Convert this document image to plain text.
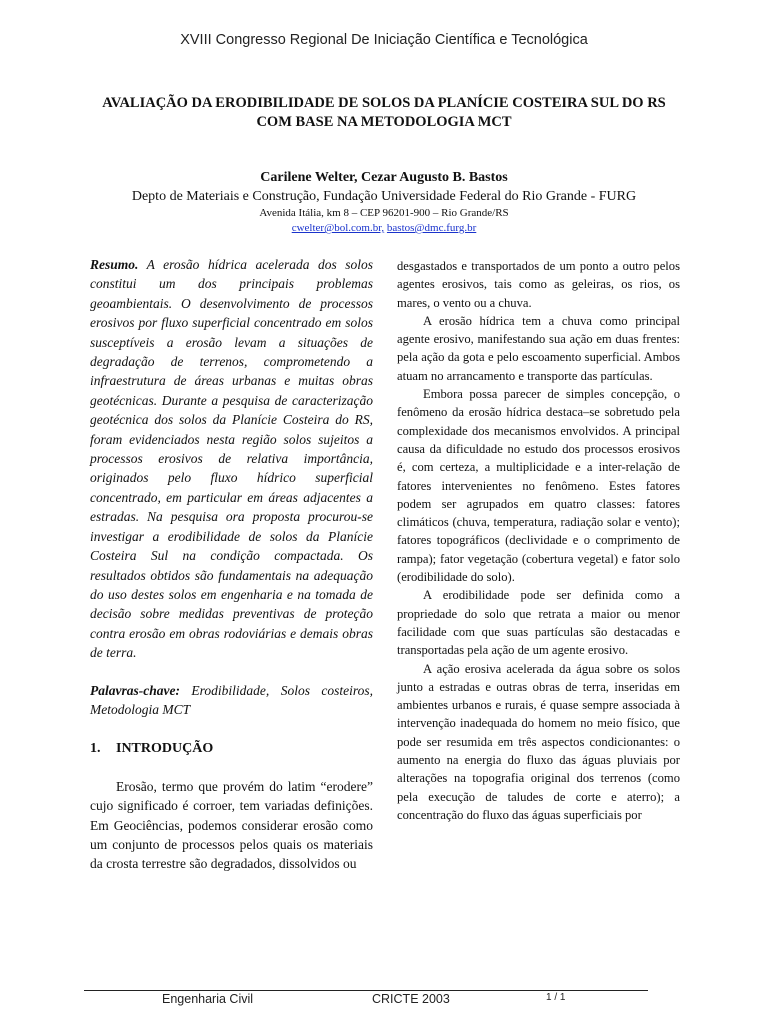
XVIII Congresso Regional De Iniciação Científica e Tecnológica
AVALIAÇÃO DA ERODIBILIDADE DE SOLOS DA PLANÍCIE COSTEIRA SUL DO RS
COM BASE NA METODOLOGIA MCT
Carilene Welter, Cezar Augusto B. Bastos
Depto de Materiais e Construção, Fundação Universidade Federal do Rio Grande - FURG
Avenida Itália, km 8 – CEP 96201-900 – Rio Grande/RS
cwelter@bol.com.br, bastos@dmc.furg.br

Resumo. A erosão hídrica acelerada dos solos constitui um dos principais problemas geoambientais. O desenvolvimento de processos erosivos por fluxo superficial concentrado em solos susceptíveis a erosão levam a situações de degradação de terrenos, comprometendo a infraestrutura de áreas urbanas e muitas obras geotécnicas. Durante a pesquisa de caracterização geotécnica dos solos da Planície Costeira do RS, foram evidenciados nesta região solos sujeitos a processos erosivos de relativa importância, originados pelo fluxo hídrico superficial concentrado, em particular em áreas adjacentes a estradas. Na pesquisa ora proposta procurou-se investigar a erodibilidade de solos da Planície Costeira Sul na condição compactada. Os resultados obtidos são fundamentais na adequação do uso destes solos em engenharia e na tomada de decisão sobre medidas preventivas de proteção contra erosão em obras rodoviárias e demais obras de terra.

Palavras-chave: Erodibilidade, Solos costeiros, Metodologia MCT

1. INTRODUÇÃO

Erosão, termo que provém do latim “erodere” cujo significado é corroer, tem variadas definições. Em Geociências, podemos considerar erosão como um conjunto de processos pelos quais os materiais da crosta terrestre são degradados, dissolvidos ou

desgastados e transportados de um ponto a outro pelos agentes erosivos, tais como as geleiras, os rios, os mares, o vento ou a chuva.

A erosão hídrica tem a chuva como principal agente erosivo, manifestando sua ação em duas frentes: pela ação da gota e pelo escoamento superficial. Ambos atuam no arrancamento e transporte das partículas.

Embora possa parecer de simples concepção, o fenômeno da erosão hídrica destaca–se sobretudo pela complexidade dos mecanismos envolvidos. A principal causa da dificuldade no estudo dos processos erosivos é, com certeza, a multiplicidade e a inter-relação de fatores intervenientes no fenômeno. Estes fatores podem ser agrupados em quatro classes: fatores climáticos (chuva, temperatura, radiação solar e vento); fatores topográficos (declividade e o comprimento de rampa); fator vegetação (cobertura vegetal) e fator solo (erodibilidade do solo).

A erodibilidade pode ser definida como a propriedade do solo que retrata a maior ou menor facilidade com que suas partículas são destacadas e transportadas pela ação de um agente erosivo.

A ação erosiva acelerada da água sobre os solos junto a estradas e outras obras de terra, inseridas em ambientes urbanos e rurais, é quase sempre associada à intervenção inadequada do homem no meio físico, que pode ser resumida em três aspectos condicionantes: o aumento na energia do fluxo das águas pluviais por alterações na topografia original dos terrenos (como pela execução de taludes de corte e aterro); a concentração do fluxo das águas superficiais por

Engenharia Civil	CRICTE 2003	1 / 1
